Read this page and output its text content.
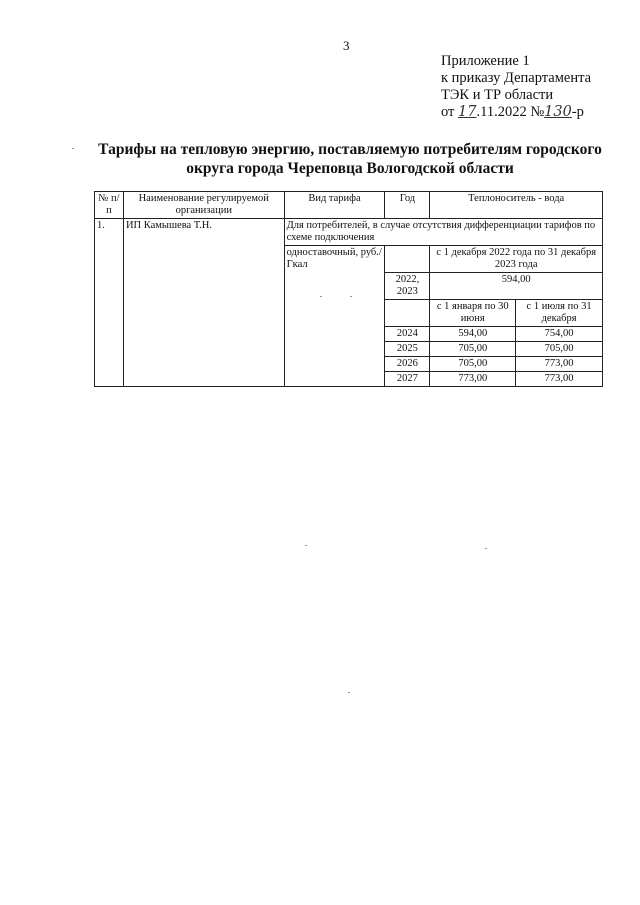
3
Приложение 1
к приказу Департамента
ТЭК и ТР области
от 17.11.2022 №130-р
Тарифы на тепловую энергию, поставляемую потребителям городского
округа города Череповца Вологодской области
№ п/п	Наименование регулируемой организации	Вид тарифа	Год	Теплоноситель - вода	
1.	ИП Камышева Т.Н.	Для потребителей, в случае отсутствия дифференциации тарифов по схеме подключения			
		одноставочный, руб./Гкал		с 1 декабря 2022 года по 31 декабря 2023 года	
			2022, 2023	594,00	
				с 1 января по 30 июня	с 1 июля по 31 декабря
			2024	594,00	754,00
			2025	705,00	705,00
			2026	705,00	773,00
			2027	773,00	773,00
